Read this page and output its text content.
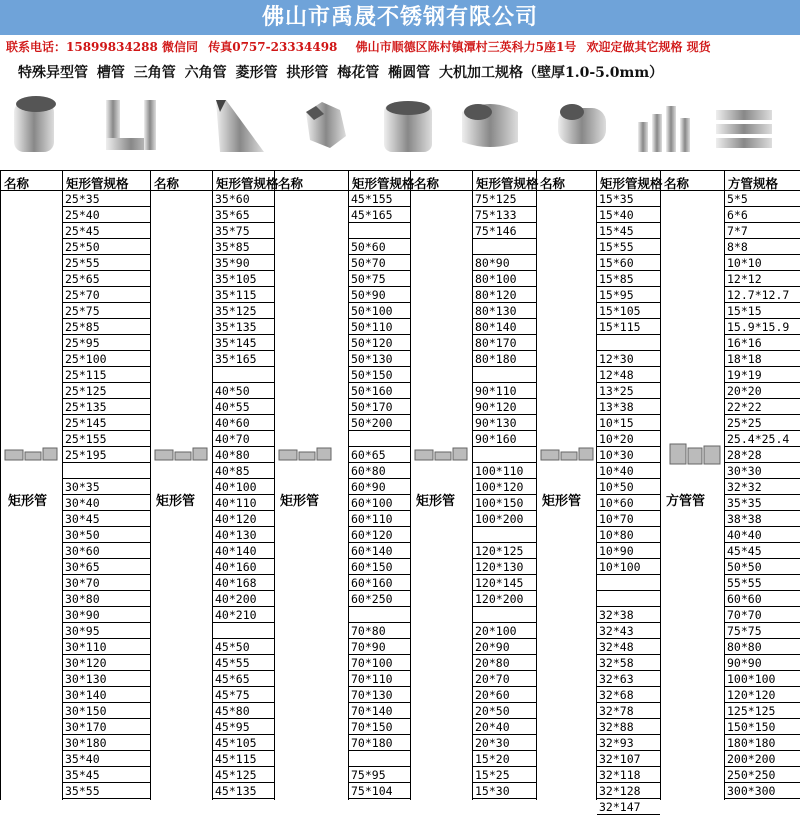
佛山市禹晟不锈钢有限公司
联系电话：15899834288 微信同 传真0757-23334498 佛山市顺德区陈村镇潭村三英科力5座1号 欢迎定做其它规格 现货
特殊异型管 槽管 三角管 六角管 菱形管 拱形管 梅花管 椭圆管 大机加工规格（壁厚1.0-5.0mm）
名称	矩形管规格
矩形管
25*35
25*40
25*45
25*50
25*55
25*65
25*70
25*75
25*85
25*95
25*100
25*115
25*125
25*135
25*145
25*155
25*195
30*35
30*40
30*45
30*50
30*60
30*65
30*70
30*80
30*90
30*95
30*110
30*120
30*130
30*140
30*150
30*170
30*180
35*40
35*45
35*55
名称	矩形管规格
矩形管
35*60
35*65
35*75
35*85
35*90
35*105
35*115
35*125
35*135
35*145
35*165
40*50
40*55
40*60
40*70
40*80
40*85
40*100
40*110
40*120
40*130
40*140
40*160
40*168
40*200
40*210
45*50
45*55
45*65
45*75
45*80
45*95
45*105
45*115
45*125
45*135
名称	矩形管规格
矩形管
45*155
45*165
50*60
50*70
50*75
50*90
50*100
50*110
50*120
50*130
50*150
50*160
50*170
50*200
60*65
60*80
60*90
60*100
60*110
60*120
60*140
60*150
60*160
60*250
70*80
70*90
70*100
70*110
70*130
70*140
70*150
70*180
75*95
75*104
名称	矩形管规格
矩形管
75*125
75*133
75*146
80*90
80*100
80*120
80*130
80*140
80*170
80*180
90*110
90*120
90*130
90*160
100*110
100*120
100*150
100*200
120*125
120*130
120*145
120*200
20*100
20*90
20*80
20*70
20*60
20*50
20*40
20*30
15*20
15*25
15*30
名称	矩形管规格
矩形管
15*35
15*40
15*45
15*55
15*60
15*85
15*95
15*105
15*115
12*30
12*48
13*25
13*38
10*15
10*20
10*30
10*40
10*50
10*60
10*70
10*80
10*90
10*100
32*38
32*43
32*48
32*58
32*63
32*68
32*78
32*88
32*93
32*107
32*118
32*128
32*147
名称	方管规格
方管管
5*5
6*6
7*7
8*8
10*10
12*12
12.7*12.7
15*15
15.9*15.9
16*16
18*18
19*19
20*20
22*22
25*25
25.4*25.4
28*28
30*30
32*32
35*35
38*38
40*40
45*45
50*50
55*55
60*60
70*70
75*75
80*80
90*90
100*100
120*120
125*125
150*150
180*180
200*200
250*250
300*300
